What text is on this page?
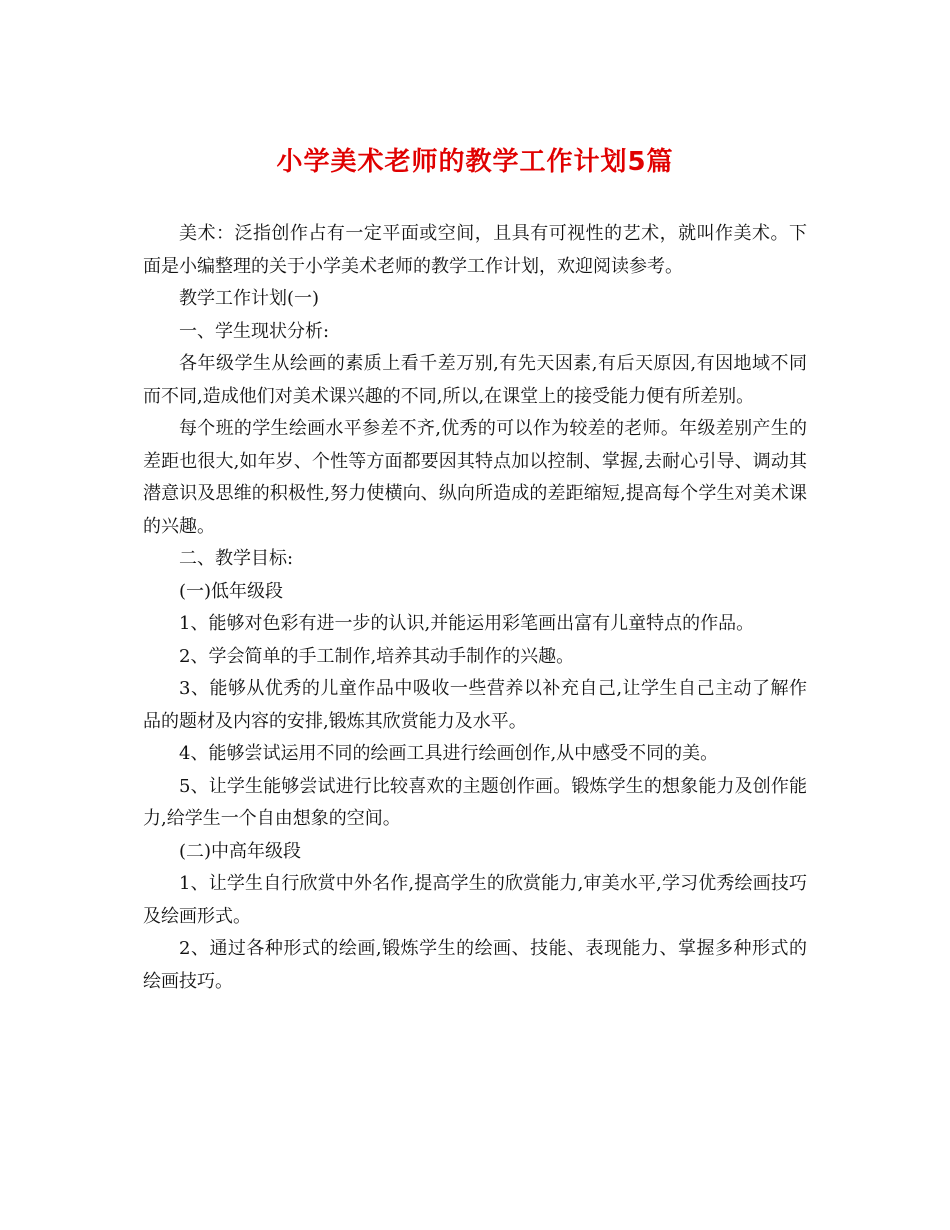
小学美术老师的教学工作计划5篇

美术：泛指创作占有一定平面或空间，且具有可视性的艺术，就叫作美术。下面是小编整理的关于小学美术老师的教学工作计划，欢迎阅读参考。

教学工作计划(一)

一、学生现状分析:

各年级学生从绘画的素质上看千差万别,有先天因素,有后天原因,有因地域不同而不同,造成他们对美术课兴趣的不同,所以,在课堂上的接受能力便有所差别。

每个班的学生绘画水平参差不齐,优秀的可以作为较差的老师。年级差别产生的差距也很大,如年岁、个性等方面都要因其特点加以控制、掌握,去耐心引导、调动其潜意识及思维的积极性,努力使横向、纵向所造成的差距缩短,提高每个学生对美术课的兴趣。

二、教学目标:

(一)低年级段

1、能够对色彩有进一步的认识,并能运用彩笔画出富有儿童特点的作品。

2、学会简单的手工制作,培养其动手制作的兴趣。

3、能够从优秀的儿童作品中吸收一些营养以补充自己,让学生自己主动了解作品的题材及内容的安排,锻炼其欣赏能力及水平。

4、能够尝试运用不同的绘画工具进行绘画创作,从中感受不同的美。

5、让学生能够尝试进行比较喜欢的主题创作画。锻炼学生的想象能力及创作能力,给学生一个自由想象的空间。

(二)中高年级段

1、让学生自行欣赏中外名作,提高学生的欣赏能力,审美水平,学习优秀绘画技巧及绘画形式。

2、通过各种形式的绘画,锻炼学生的绘画、技能、表现能力、掌握多种形式的绘画技巧。
